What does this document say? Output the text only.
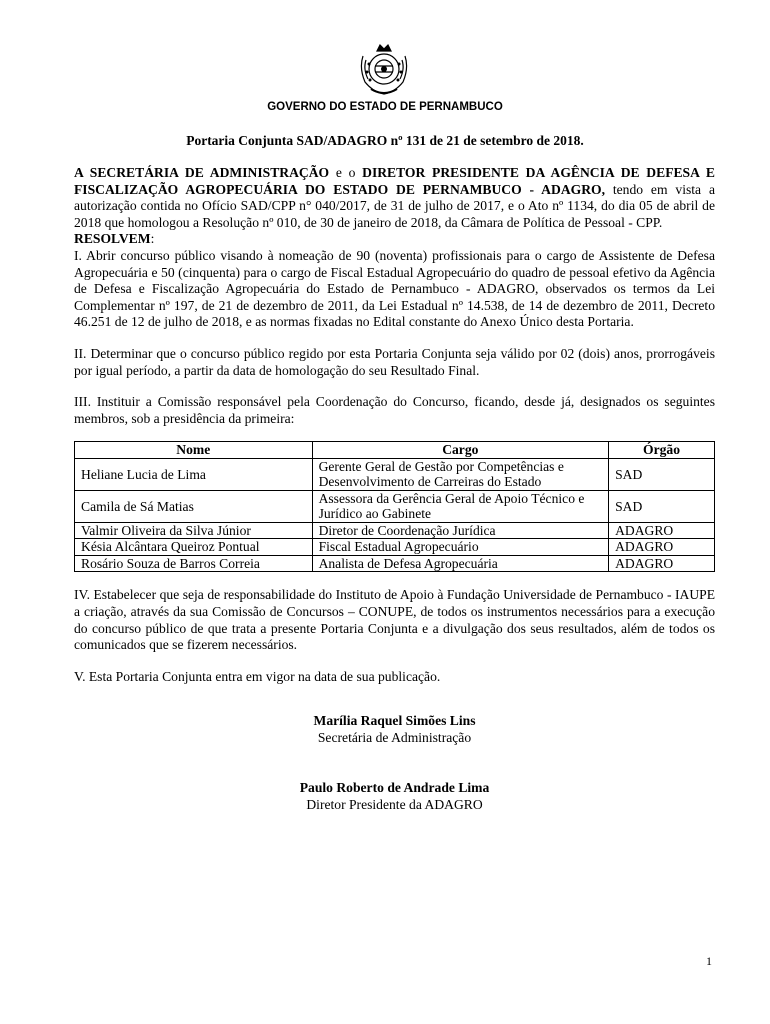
GOVERNO DO ESTADO DE PERNAMBUCO
Portaria Conjunta SAD/ADAGRO nº 131 de 21 de setembro de 2018.

A SECRETÁRIA DE ADMINISTRAÇÃO e o DIRETOR PRESIDENTE DA AGÊNCIA DE DEFESA E FISCALIZAÇÃO AGROPECUÁRIA DO ESTADO DE PERNAMBUCO - ADAGRO, tendo em vista a autorização contida no Ofício SAD/CPP n° 040/2017, de 31 de julho de 2017, e o Ato nº 1134, do dia 05 de abril de 2018 que homologou a Resolução nº 010, de 30 de janeiro de 2018, da Câmara de Política de Pessoal - CPP.

RESOLVEM:

I. Abrir concurso público visando à nomeação de 90 (noventa) profissionais para o cargo de Assistente de Defesa Agropecuária e 50 (cinquenta) para o cargo de Fiscal Estadual Agropecuário do quadro de pessoal efetivo da Agência de Defesa e Fiscalização Agropecuária do Estado de Pernambuco - ADAGRO, observados os termos da Lei Complementar nº 197, de 21 de dezembro de 2011, da Lei Estadual nº 14.538, de 14 de dezembro de 2011, Decreto 46.251 de 12 de julho de 2018, e as normas fixadas no Edital constante do Anexo Único desta Portaria.

II. Determinar que o concurso público regido por esta Portaria Conjunta seja válido por 02 (dois) anos, prorrogáveis por igual período, a partir da data de homologação do seu Resultado Final.

III. Instituir a Comissão responsável pela Coordenação do Concurso, ficando, desde já, designados os seguintes membros, sob a presidência da primeira:

Nome	Cargo	Órgão
Heliane Lucia de Lima	Gerente Geral de Gestão por Competências e Desenvolvimento de Carreiras do Estado	SAD
Camila de Sá Matias	Assessora da Gerência Geral de Apoio Técnico e Jurídico ao Gabinete	SAD
Valmir Oliveira da Silva Júnior	Diretor de Coordenação Jurídica	ADAGRO
Késia Alcântara Queiroz Pontual	Fiscal Estadual Agropecuário	ADAGRO
Rosário Souza de Barros Correia	Analista de Defesa Agropecuária	ADAGRO

IV. Estabelecer que seja de responsabilidade do Instituto de Apoio à Fundação Universidade de Pernambuco - IAUPE a criação, através da sua Comissão de Concursos – CONUPE, de todos os instrumentos necessários para a execução do concurso público de que trata a presente Portaria Conjunta e a divulgação dos seus resultados, além de todos os comunicados que se fizerem necessários.

V. Esta Portaria Conjunta entra em vigor na data de sua publicação.

Marília Raquel Simões Lins
Secretária de Administração
Paulo Roberto de Andrade Lima
Diretor Presidente da ADAGRO
1
